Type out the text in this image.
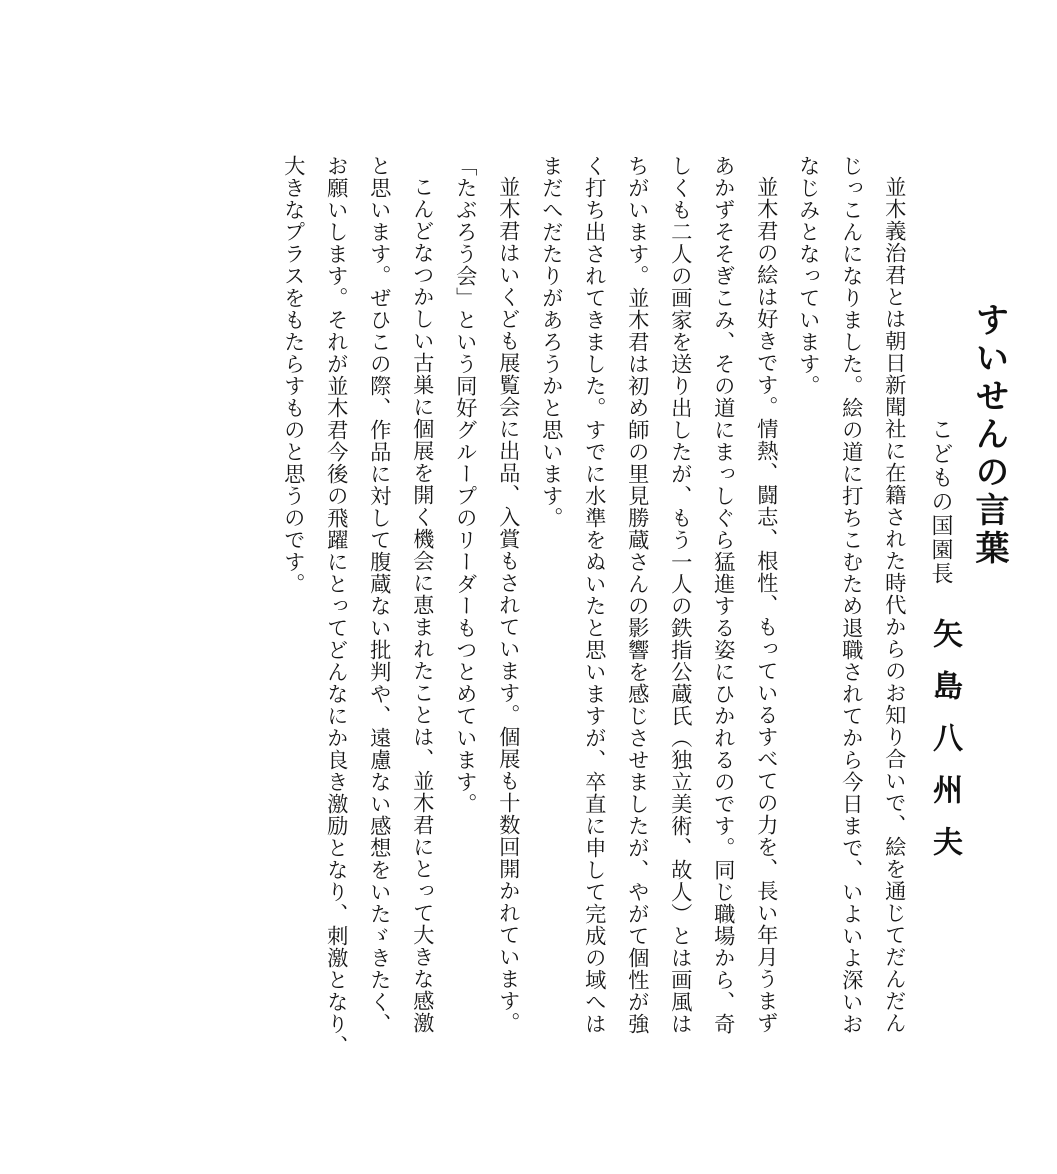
すいせんの言葉
こどもの国園長
矢島八州夫
並木義治君とは朝日新聞社に在籍された時代からのお知り合いで、絵を通じてだんだん
じっこんになりました。絵の道に打ちこむため退職されてから今日まで、いよいよ深いお
なじみとなっています。
並木君の絵は好きです。情熱、闘志、根性、もっているすべての力を、長い年月うまず
あかずそそぎこみ、その道にまっしぐら猛進する姿にひかれるのです。同じ職場から、奇
しくも二人の画家を送り出したが、もう一人の鉄指公蔵氏（独立美術、故人）とは画風は
ちがいます。並木君は初め師の里見勝蔵さんの影響を感じさせましたが、やがて個性が強
く打ち出されてきました。すでに水準をぬいたと思いますが、卒直に申して完成の域へは
まだへだたりがあろうかと思います。
並木君はいくども展覧会に出品、入賞もされています。個展も十数回開かれています。
「たぶろう会」という同好グループのリーダーもつとめています。
こんどなつかしい古巣に個展を開く機会に恵まれたことは、並木君にとって大きな感激
と思います。ぜひこの際、作品に対して腹蔵ない批判や、遠慮ない感想をいたゞきたく、
お願いします。それが並木君今後の飛躍にとってどんなにか良き激励となり、刺激となり、
大きなプラスをもたらすものと思うのです。
